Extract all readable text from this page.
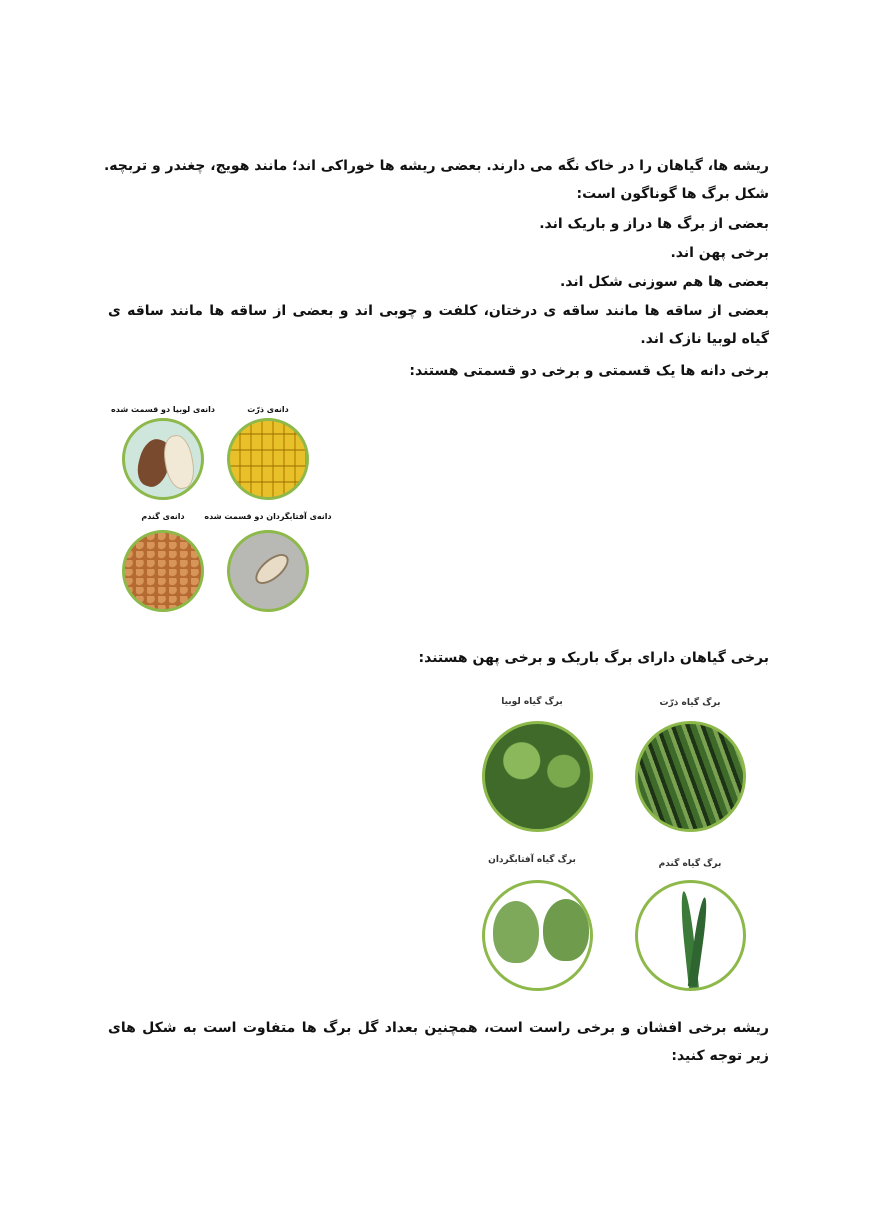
ریشه ها، گیاهان را در خاک نگه می دارند. بعضی ریشه ها خوراکی اند؛ مانند هویج، چغندر و تربچه.
شکل برگ ها گوناگون است:
بعضی از برگ ها دراز و باریک اند.
برخی پهن اند.
بعضی ها هم سوزنی شکل اند.
بعضی از ساقه ها مانند ساقه ی درختان، کلفت و چوبی اند و بعضی از ساقه ها مانند ساقه ی گیاه لوبیا نازک اند.
برخی دانه ها یک قسمتی و برخی دو قسمتی هستند:
دانه‌ی ذرّت
دانه‌ی لوبیا دو قسمت شده
دانه‌ی آفتابگردان دو قسمت شده
دانه‌ی گندم
برخی گیاهان دارای برگ باریک و برخی پهن هستند:
برگ گیاه ذرّت
برگ گیاه لوبیا
برگ گیاه گندم
برگ گیاه آفتابگردان
ریشه برخی افشان و برخی راست است، همچنین بعداد گل برگ ها متفاوت است به شکل های زیر توجه کنید:
